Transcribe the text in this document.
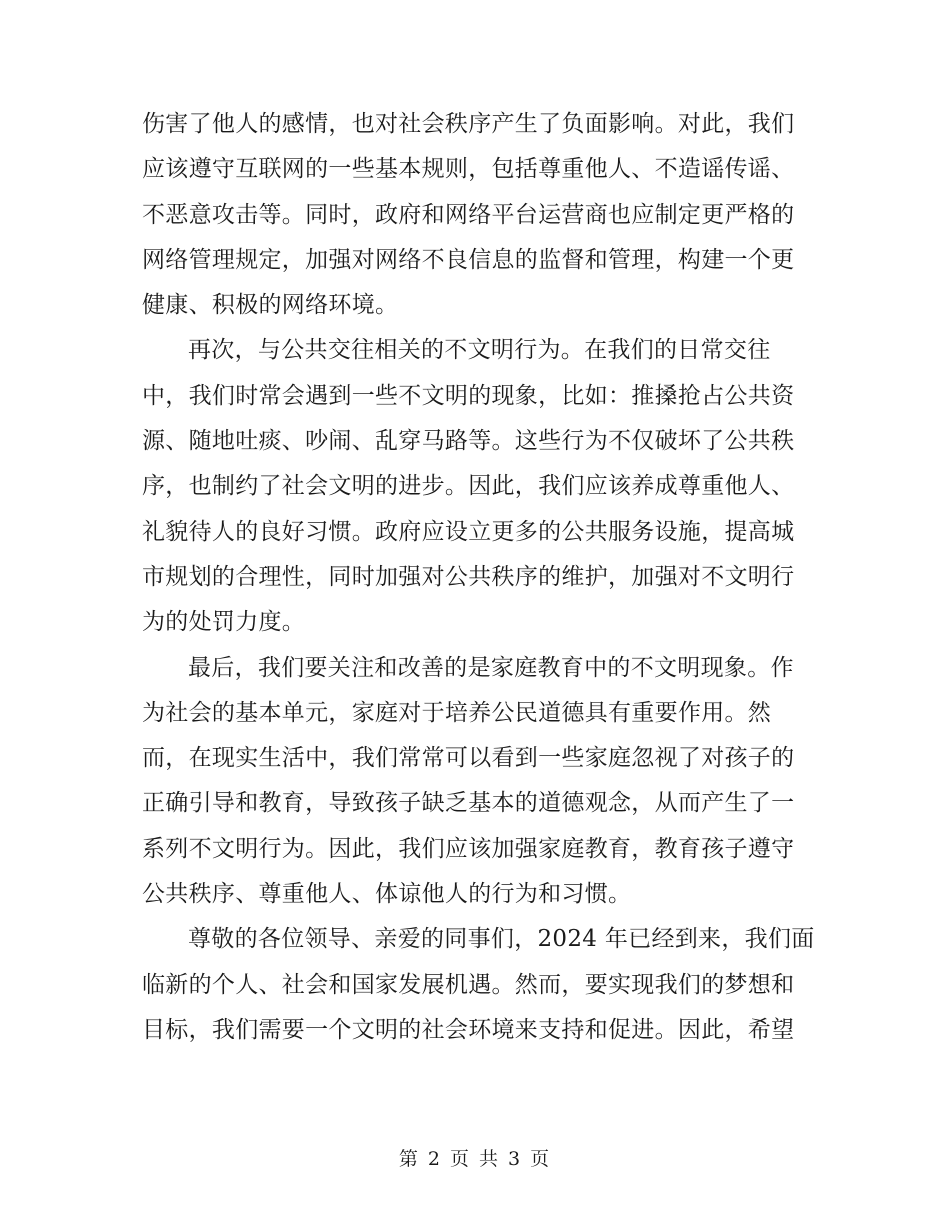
伤害了他人的感情，也对社会秩序产生了负面影响。对此，我们
应该遵守互联网的一些基本规则，包括尊重他人、不造谣传谣、
不恶意攻击等。同时，政府和网络平台运营商也应制定更严格的
网络管理规定，加强对网络不良信息的监督和管理，构建一个更
健康、积极的网络环境。
再次，与公共交往相关的不文明行为。在我们的日常交往
中，我们时常会遇到一些不文明的现象，比如：推搡抢占公共资
源、随地吐痰、吵闹、乱穿马路等。这些行为不仅破坏了公共秩
序，也制约了社会文明的进步。因此，我们应该养成尊重他人、
礼貌待人的良好习惯。政府应设立更多的公共服务设施，提高城
市规划的合理性，同时加强对公共秩序的维护，加强对不文明行
为的处罚力度。
最后，我们要关注和改善的是家庭教育中的不文明现象。作
为社会的基本单元，家庭对于培养公民道德具有重要作用。然
而，在现实生活中，我们常常可以看到一些家庭忽视了对孩子的
正确引导和教育，导致孩子缺乏基本的道德观念，从而产生了一
系列不文明行为。因此，我们应该加强家庭教育，教育孩子遵守
公共秩序、尊重他人、体谅他人的行为和习惯。
尊敬的各位领导、亲爱的同事们，2024 年已经到来，我们面
临新的个人、社会和国家发展机遇。然而，要实现我们的梦想和
目标，我们需要一个文明的社会环境来支持和促进。因此，希望
第 2 页 共 3 页
